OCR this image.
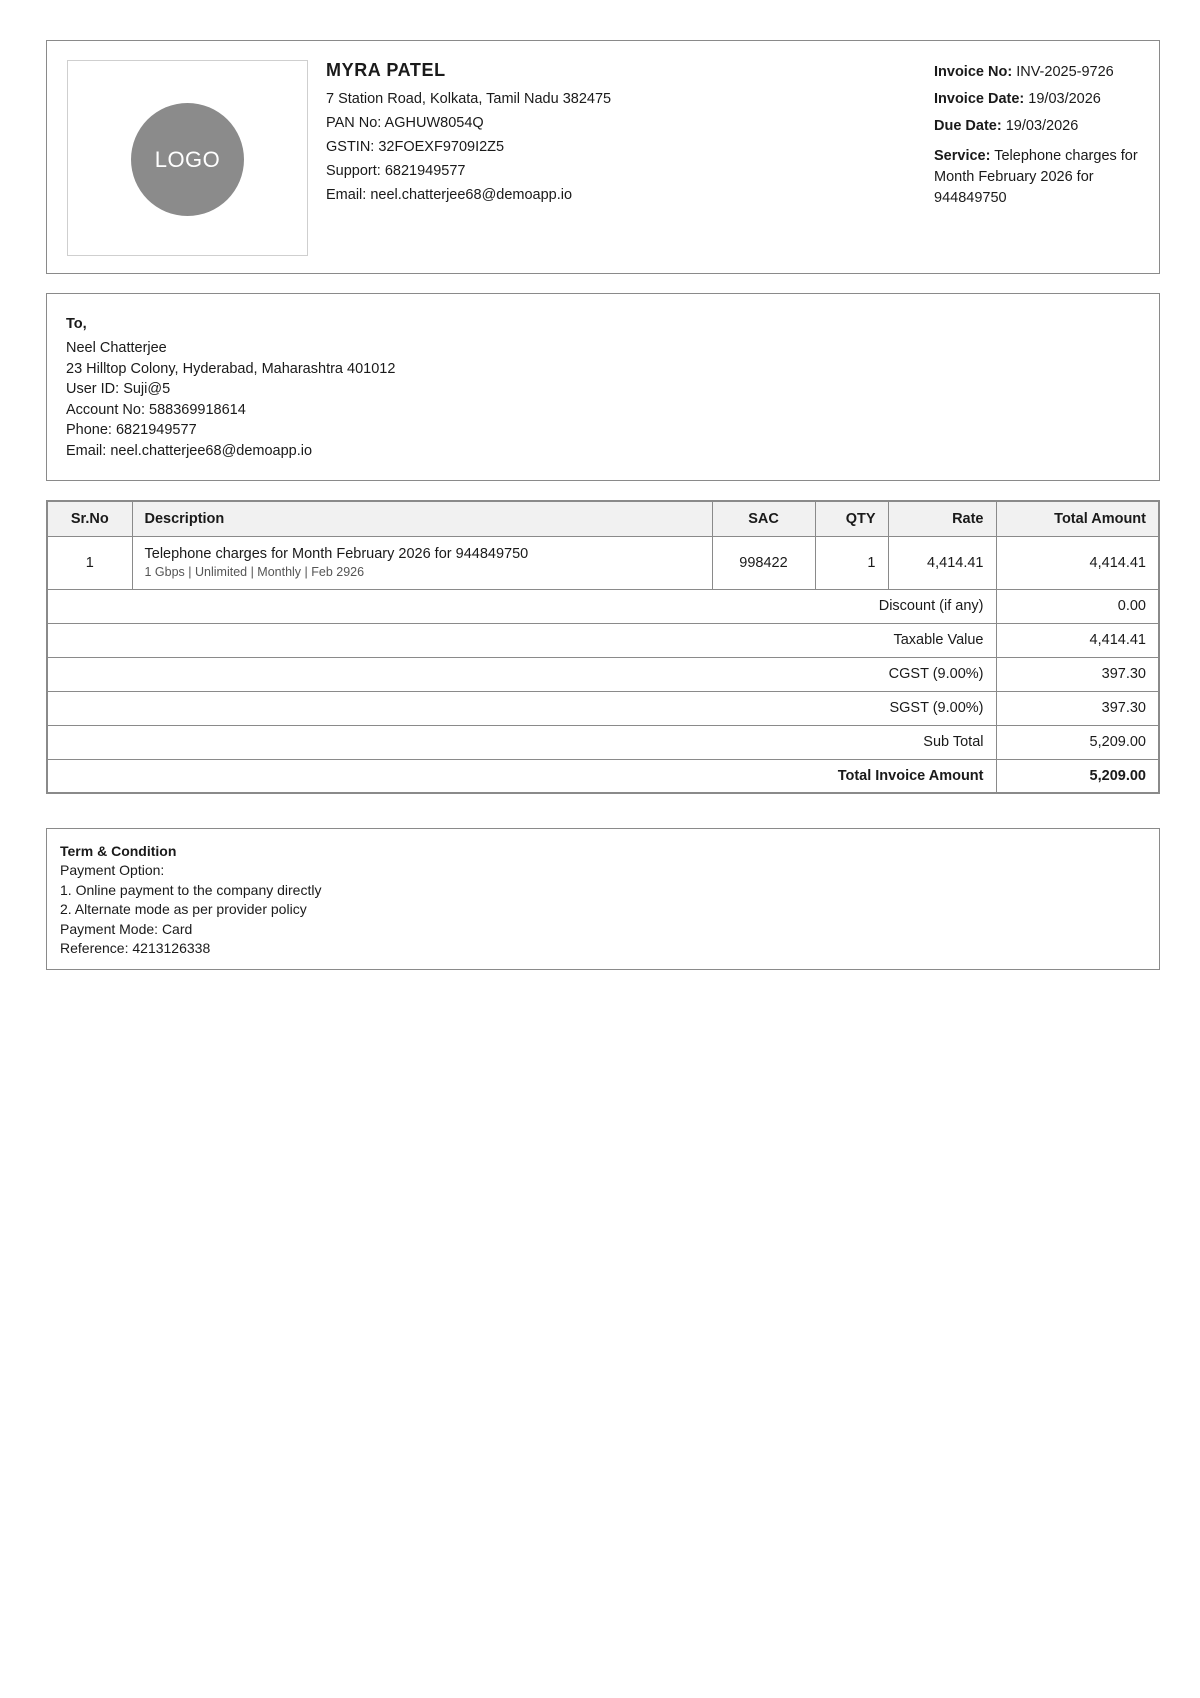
LOGO
MYRA PATEL
7 Station Road, Kolkata, Tamil Nadu 382475
PAN No: AGHUW8054Q
GSTIN: 32FOEXF9709I2Z5
Support: 6821949577
Email: neel.chatterjee68@demoapp.io
Invoice No: INV-2025-9726
Invoice Date: 19/03/2026
Due Date: 19/03/2026
Service: Telephone charges for Month February 2026 for 944849750
To,
Neel Chatterjee
23 Hilltop Colony, Hyderabad, Maharashtra 401012
User ID: Suji@5
Account No: 588369918614
Phone: 6821949577
Email: neel.chatterjee68@demoapp.io
Sr.No	Description	SAC	QTY	Rate	Total Amount
1	Telephone charges for Month February 2026 for 944849750
1 Gbps | Unlimited | Monthly | Feb 2926	998422	1	4,414.41	4,414.41
Discount (if any)					0.00
Taxable Value					4,414.41
CGST (9.00%)					397.30
SGST (9.00%)					397.30
Sub Total					5,209.00
Total Invoice Amount					5,209.00
Term & Condition
Payment Option:
1. Online payment to the company directly
2. Alternate mode as per provider policy
Payment Mode: Card
Reference: 4213126338
